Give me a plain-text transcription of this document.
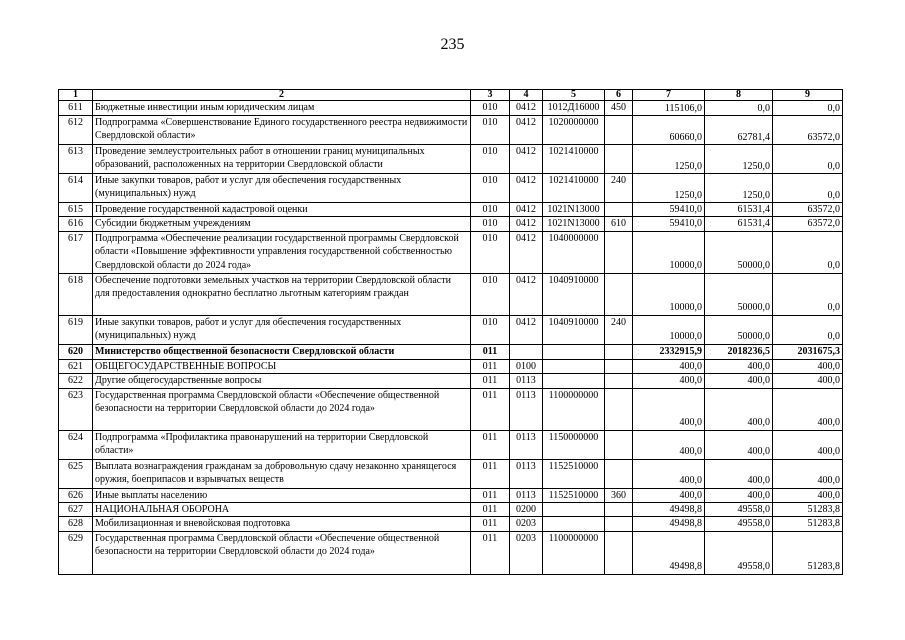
235
1	2	3	4	5	6	7	8	9
611	Бюджетные инвестиции иным юридическим лицам	010	0412	1012Д16000	450	115106,0	0,0	0,0
612	Подпрограмма «Совершенствование Единого государственного реестра недвижимости Свердловской области»	010	0412	1020000000		60660,0	62781,4	63572,0
613	Проведение землеустроительных работ в отношении границ муниципальных образований, расположенных на территории Свердловской области	010	0412	1021410000		1250,0	1250,0	0,0
614	Иные закупки товаров, работ и услуг для обеспечения государственных (муниципальных) нужд	010	0412	1021410000	240	1250,0	1250,0	0,0
615	Проведение государственной кадастровой оценки	010	0412	1021N13000		59410,0	61531,4	63572,0
616	Субсидии бюджетным учреждениям	010	0412	1021N13000	610	59410,0	61531,4	63572,0
617	Подпрограмма «Обеспечение реализации государственной программы Свердловской области «Повышение эффективности управления государственной собственностью Свердловской области до 2024 года»	010	0412	1040000000		10000,0	50000,0	0,0
618	Обеспечение подготовки земельных участков на территории Свердловской области для предоставления однократно бесплатно льготным категориям граждан	010	0412	1040910000		10000,0	50000,0	0,0
619	Иные закупки товаров, работ и услуг для обеспечения государственных (муниципальных) нужд	010	0412	1040910000	240	10000,0	50000,0	0,0
620	Министерство общественной безопасности Свердловской области	011				2332915,9	2018236,5	2031675,3
621	ОБЩЕГОСУДАРСТВЕННЫЕ ВОПРОСЫ	011	0100			400,0	400,0	400,0
622	Другие общегосударственные вопросы	011	0113			400,0	400,0	400,0
623	Государственная программа Свердловской области «Обеспечение общественной безопасности на территории Свердловской области до 2024 года»	011	0113	1100000000		400,0	400,0	400,0
624	Подпрограмма «Профилактика правонарушений на территории Свердловской области»	011	0113	1150000000		400,0	400,0	400,0
625	Выплата вознаграждения гражданам за добровольную сдачу незаконно хранящегося оружия, боеприпасов и взрывчатых веществ	011	0113	1152510000		400,0	400,0	400,0
626	Иные выплаты населению	011	0113	1152510000	360	400,0	400,0	400,0
627	НАЦИОНАЛЬНАЯ ОБОРОНА	011	0200			49498,8	49558,0	51283,8
628	Мобилизационная и вневойсковая подготовка	011	0203			49498,8	49558,0	51283,8
629	Государственная программа Свердловской области «Обеспечение общественной безопасности на территории Свердловской области до 2024 года»	011	0203	1100000000		49498,8	49558,0	51283,8
